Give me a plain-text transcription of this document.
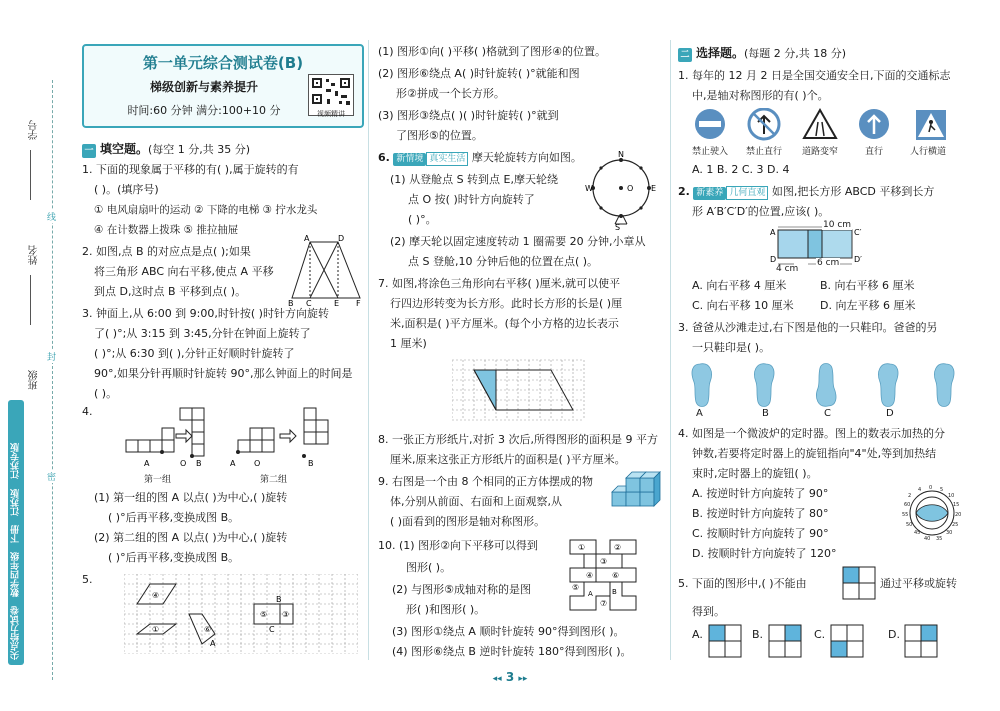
线
封
密
学号
姓名
班级
尖点给力试卷 数学四年级 下册 江苏版 江苏专版
第一单元综合测试卷(B)
梯级创新与素养提升
时间:60 分钟 满分:100+10 分	视频精讲
一 填空题。(每空 1 分,共 35 分)
1. 下面的现象属于平移的有( ),属于旋转的有
( )。(填序号)
① 电风扇扇叶的运动 ② 下降的电梯 ③ 拧水龙头
④ 在计数器上拨珠 ⑤ 推拉抽屉
2. 如图,点 B 的对应点是点( );如果
将三角形 ABC 向右平移,使点 A 平移
到点 D,这时点 B 平移到点( )。
A	D
B C	E F
3. 钟面上,从 6:00 到 9:00,时针按( )时针方向旋转
了( )°;从 3:15 到 3:45,分针在钟面上旋转了
( )°;从 6:30 到( ),分针正好顺时针旋转了
90°,如果分针再顺时针旋转 90°,那么钟面上的时间是
( )。
4.
A	O B	A O	B
第一组	第二组
(1) 第一组的图 A 以点( )为中心,( )旋转
( )°后再平移,变换成图 B。
(2) 第二组的图 A 以点( )为中心,( )旋转
( )°后再平移,变换成图 B。
5.
④
①	⑥
⑤ ③
A
B
C
(1) 图形①向( )平移( )格就到了图形④的位置。
(2) 图形⑥绕点 A( )时针旋转( )°就能和图
形②拼成一个长方形。
(3) 图形③绕点( )( )时针旋转( )°就到
了图形⑤的位置。
6. 新情境 真实生活 摩天轮旋转方向如图。
(1) 从登舱点 S 转到点 E,摩天轮绕
点 O 按( )时针方向旋转了
( )°。
N
E
W	O
S
(2) 摩天轮以固定速度转动 1 圈需要 20 分钟,小章从
点 S 登舱,10 分钟后他的位置在点( )。
7. 如图,将涂色三角形向右平移( )厘米,就可以使平
行四边形转变为长方形。此时长方形的长是( )厘
米,面积是( )平方厘米。(每个小方格的边长表示
1 厘米)
8. 一张正方形纸片,对折 3 次后,所得图形的面积是 9 平方
厘米,原来这张正方形纸片的面积是( )平方厘米。
9. 右图是一个由 8 个相同的正方体摆成的物
体,分别从前面、右面和上面观察,从
( )面看到的图形是轴对称图形。
10. (1) 图形②向下平移可以得到
图形( )。
(2) 与图形⑤成轴对称的是图
形( )和图形( )。
(3) 图形①绕点 A 顺时针旋转 90°得到图形( )。
(4) 图形⑥绕点 B 逆时针旋转 180°得到图形( )。
①	②
③
⑤
④ ⑥
⑦
A	B
二 选择题。(每题 2 分,共 18 分)
1. 每年的 12 月 2 日是全国交通安全日,下面的交通标志
中,是轴对称图形的有( )个。
禁止驶入 禁止直行 道路变窄	直行	人行横道
A. 1 B. 2 C. 3 D. 4
2. 新素养 几何直观 如图,把长方形 ABCD 平移到长方
形 A′B′C′D′的位置,应该( )。
A
D
C′
D′
10 cm
4 cm
6 cm
A. 向右平移 4 厘米	B. 向右平移 6 厘米
C. 向右平移 10 厘米 D. 向左平移 6 厘米
3. 爸爸从沙滩走过,右下图是他的一只鞋印。爸爸的另
一只鞋印是( )。
A	B	C	D
4. 如图是一个微波炉的定时器。图上的数表示加热的分
钟数,若要将定时器上的旋钮指向"4"处,等到加热结
束时,定时器上的旋钮( )。
A. 按逆时针方向旋转了 90°
B. 按逆时针方向旋转了 80°
C. 按顺时针方向旋转了 90°
D. 按顺时针方向旋转了 120°
0 5
10
15
20
25
30
35
40
45
50
55
60
2
4
5. 下面的图形中,( )不能由	通过平移或旋转
得到。
A.	B.	C.	D.
◂◂ 3 ▸▸
